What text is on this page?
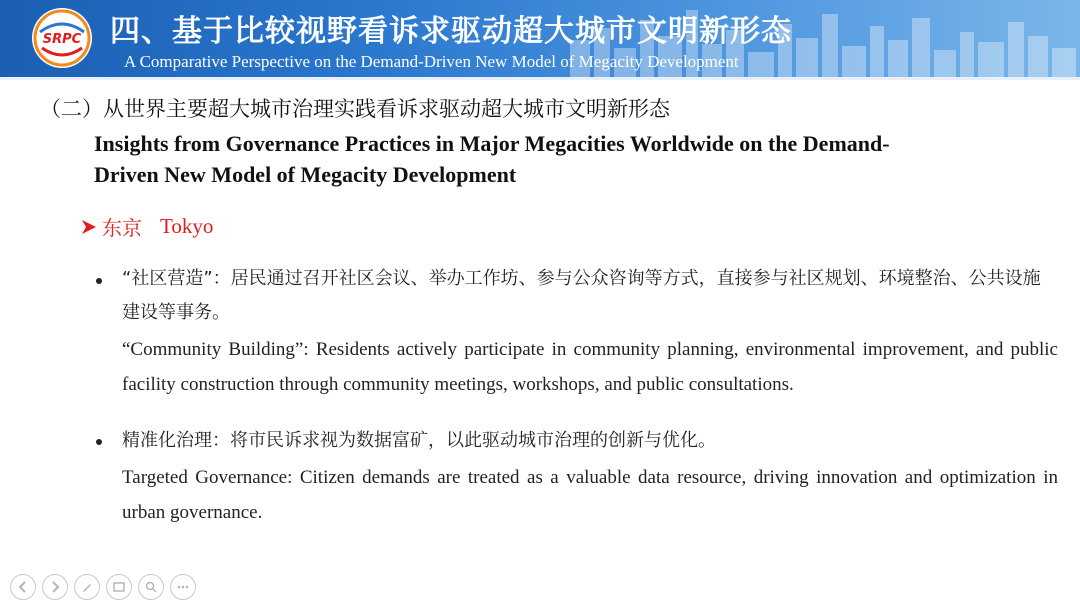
SRPC 四、基于比较视野看诉求驱动超大城市文明新形态
A Comparative Perspective on the Demand-Driven New Model of Megacity Development
（二）从世界主要超大城市治理实践看诉求驱动超大城市文明新形态
Insights from Governance Practices in Major Megacities Worldwide on the Demand-Driven New Model of Megacity Development
东京 Tokyo
“社区营造”：居民通过召开社区会议、举办工作坊、参与公众咨询等方式，直接参与社区规划、环境整治、公共设施建设等事务。
“Community Building”: Residents actively participate in community planning, environmental improvement, and public facility construction through community meetings, workshops, and public consultations.
精准化治理：将市民诉求视为数据富矿，以此驱动城市治理的创新与优化。
Targeted Governance: Citizen demands are treated as a valuable data resource, driving innovation and optimization in urban governance.
